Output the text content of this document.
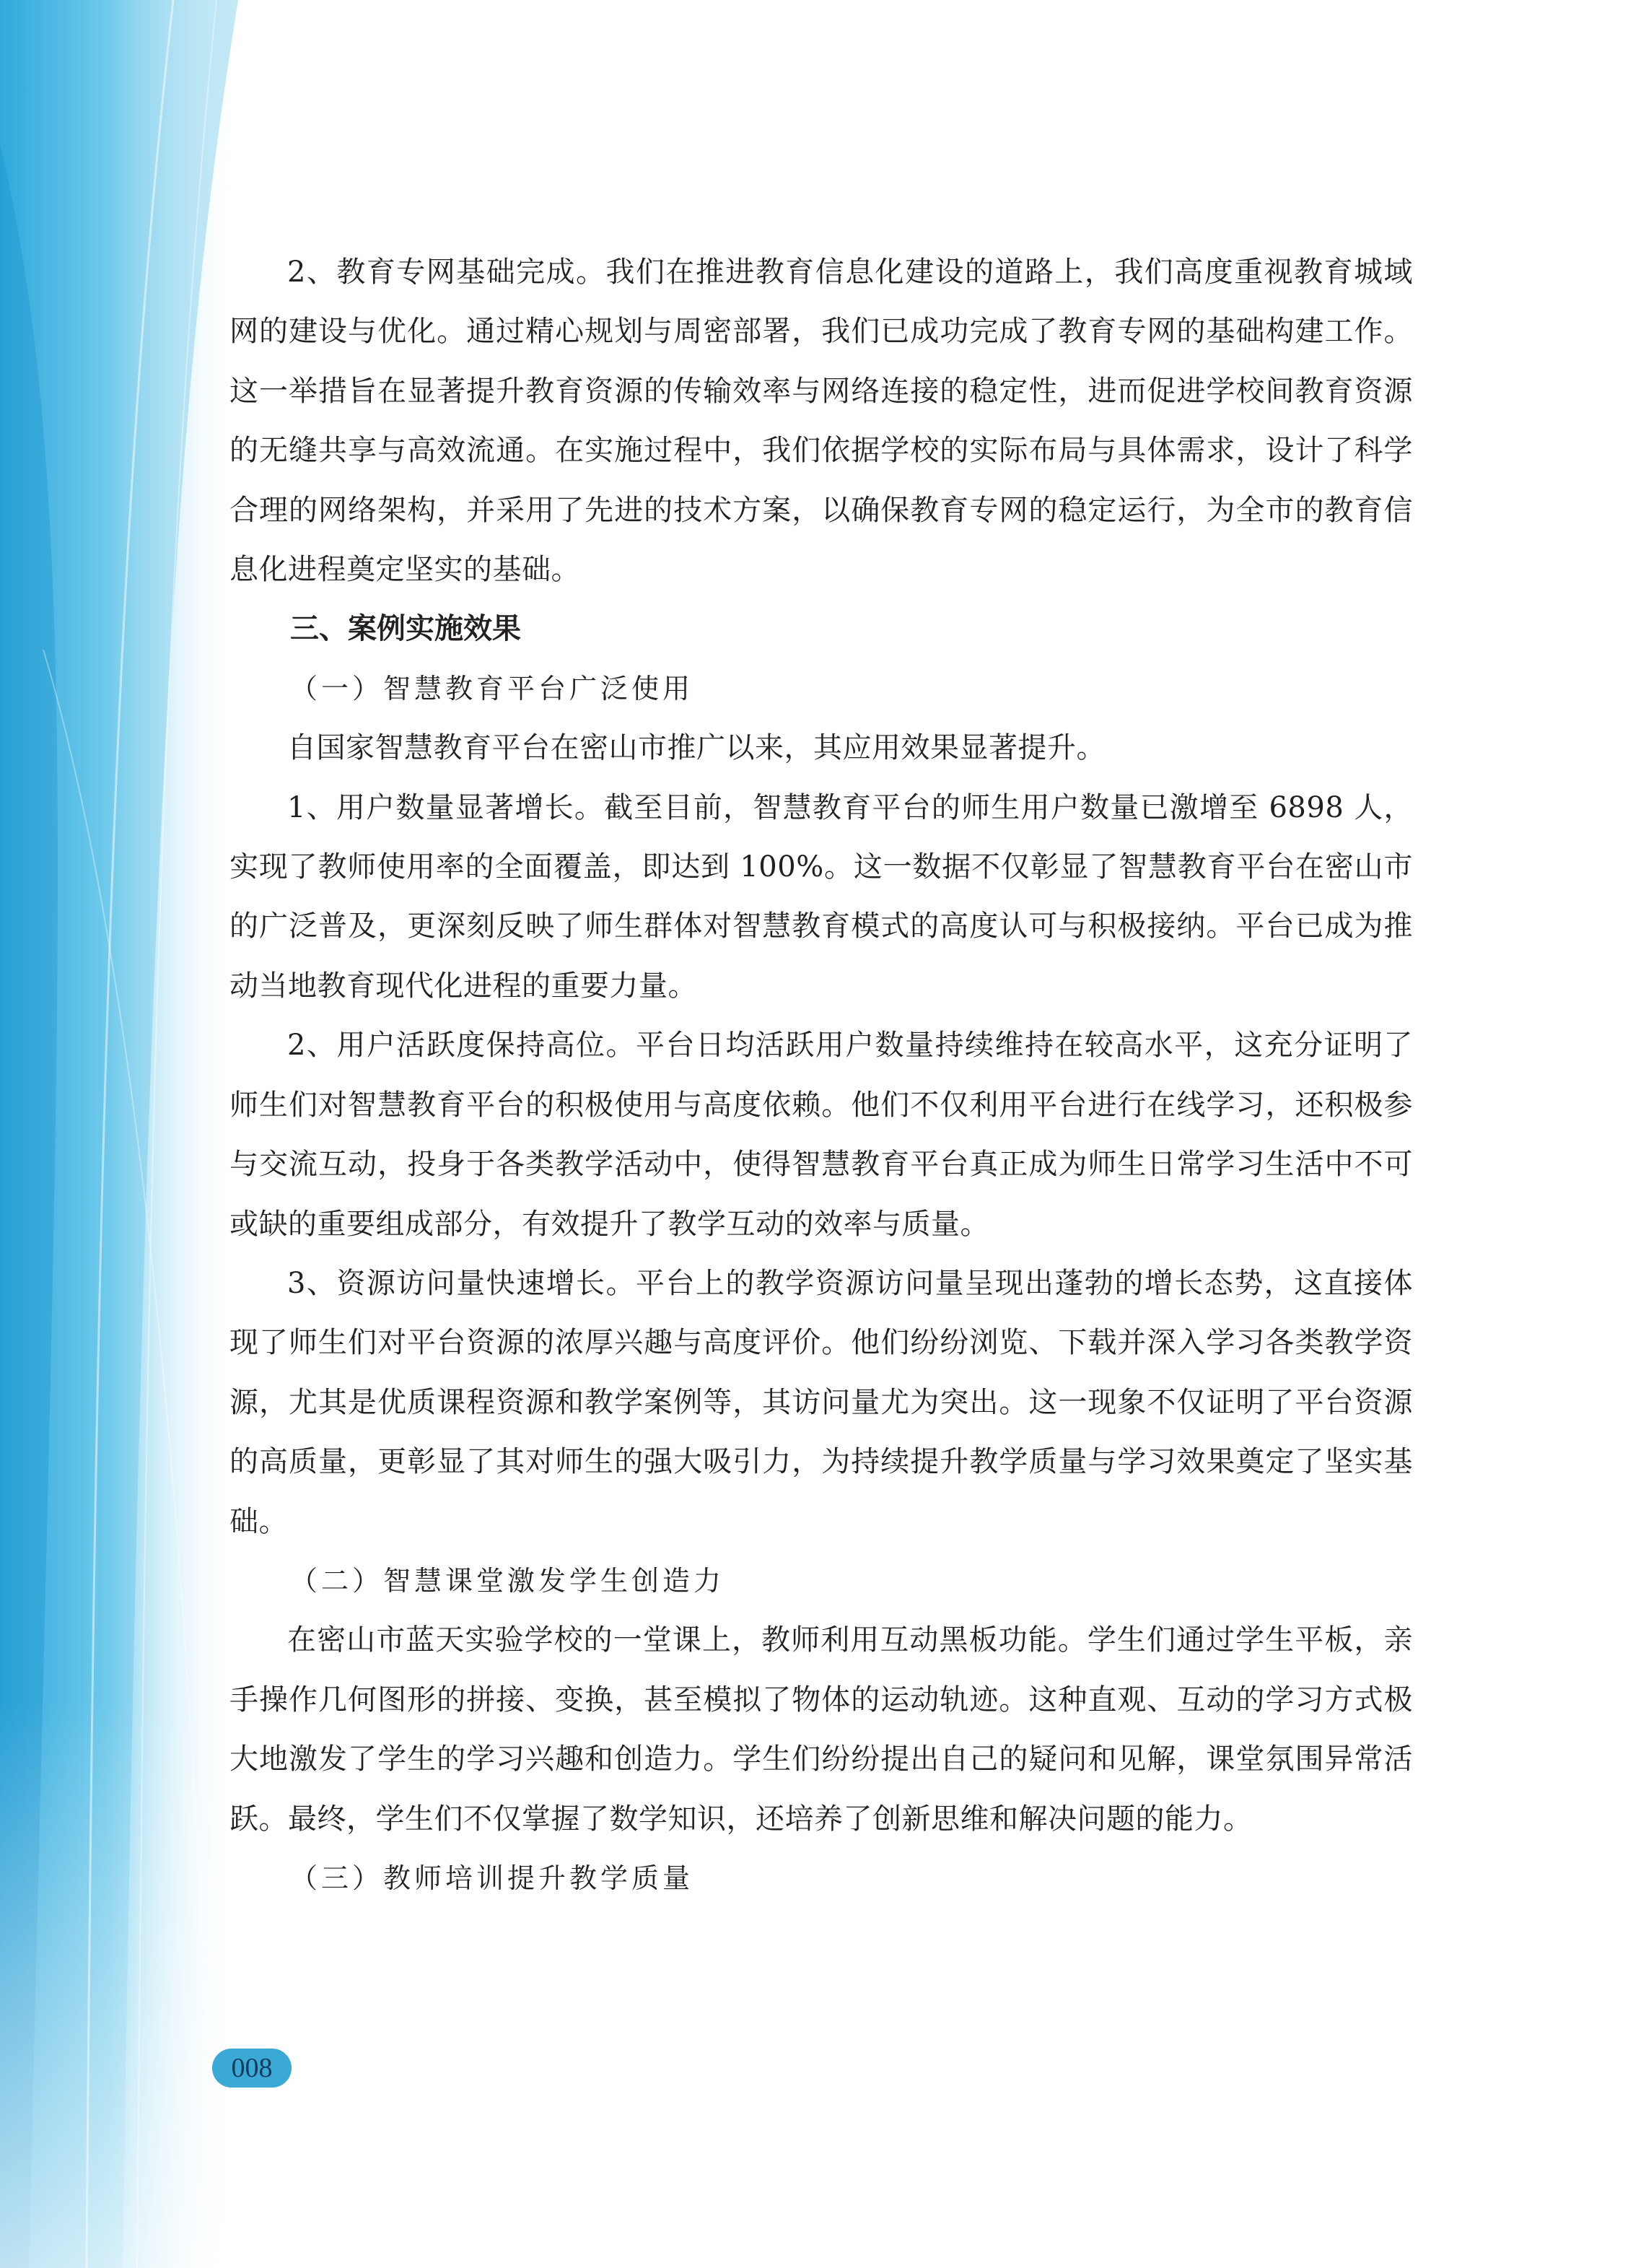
2、教育专网基础完成。我们在推进教育信息化建设的道路上，我们高度重视教育城域网的建设与优化。通过精心规划与周密部署，我们已成功完成了教育专网的基础构建工作。这一举措旨在显著提升教育资源的传输效率与网络连接的稳定性，进而促进学校间教育资源的无缝共享与高效流通。在实施过程中，我们依据学校的实际布局与具体需求，设计了科学合理的网络架构，并采用了先进的技术方案，以确保教育专网的稳定运行，为全市的教育信息化进程奠定坚实的基础。

三、案例实施效果

（一）智慧教育平台广泛使用

自国家智慧教育平台在密山市推广以来，其应用效果显著提升。

1、用户数量显著增长。截至目前，智慧教育平台的师生用户数量已激增至 6898 人，实现了教师使用率的全面覆盖，即达到 100%。这一数据不仅彰显了智慧教育平台在密山市的广泛普及，更深刻反映了师生群体对智慧教育模式的高度认可与积极接纳。平台已成为推动当地教育现代化进程的重要力量。

2、用户活跃度保持高位。平台日均活跃用户数量持续维持在较高水平，这充分证明了师生们对智慧教育平台的积极使用与高度依赖。他们不仅利用平台进行在线学习，还积极参与交流互动，投身于各类教学活动中，使得智慧教育平台真正成为师生日常学习生活中不可或缺的重要组成部分，有效提升了教学互动的效率与质量。

3、资源访问量快速增长。平台上的教学资源访问量呈现出蓬勃的增长态势，这直接体现了师生们对平台资源的浓厚兴趣与高度评价。他们纷纷浏览、下载并深入学习各类教学资源，尤其是优质课程资源和教学案例等，其访问量尤为突出。这一现象不仅证明了平台资源的高质量，更彰显了其对师生的强大吸引力，为持续提升教学质量与学习效果奠定了坚实基础。

（二）智慧课堂激发学生创造力

在密山市蓝天实验学校的一堂课上，教师利用互动黑板功能。学生们通过学生平板，亲手操作几何图形的拼接、变换，甚至模拟了物体的运动轨迹。这种直观、互动的学习方式极大地激发了学生的学习兴趣和创造力。学生们纷纷提出自己的疑问和见解，课堂氛围异常活跃。最终，学生们不仅掌握了数学知识，还培养了创新思维和解决问题的能力。

（三）教师培训提升教学质量

008
